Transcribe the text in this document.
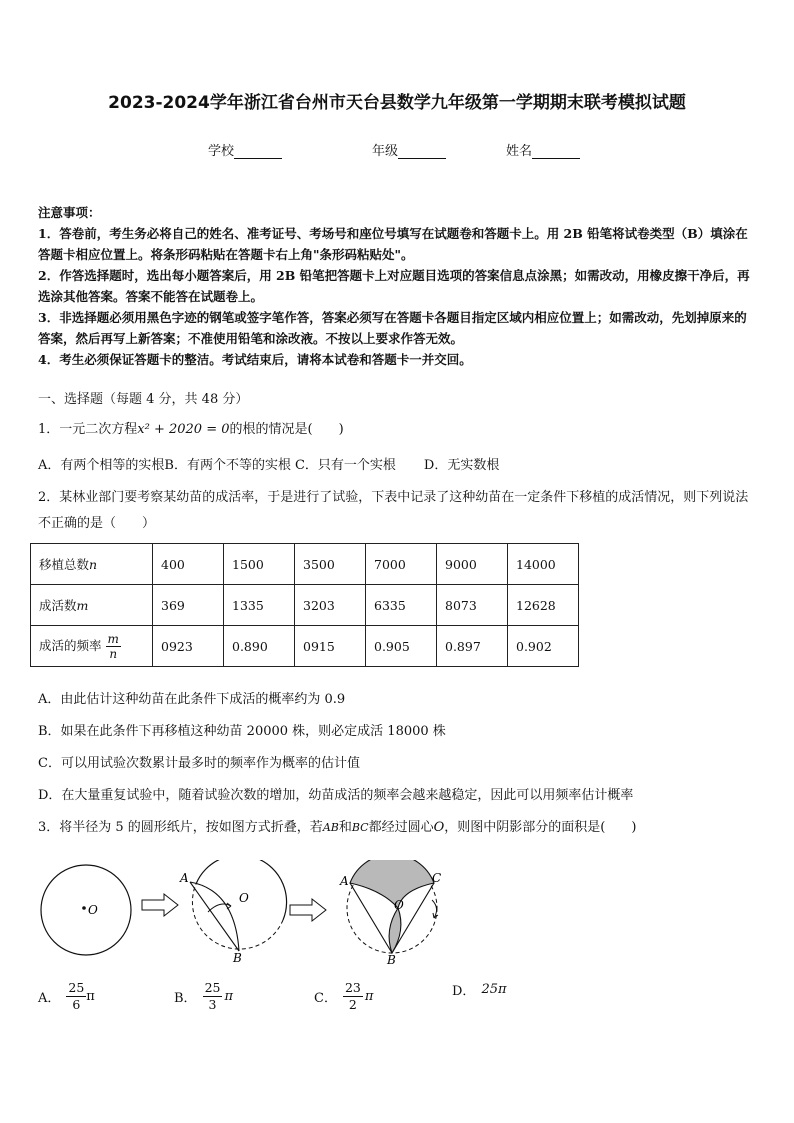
2023-2024学年浙江省台州市天台县数学九年级第一学期期末联考模拟试题
学校	年级	姓名

注意事项：

1．答卷前，考生务必将自己的姓名、准考证号、考场号和座位号填写在试题卷和答题卡上。用 2B 铅笔将试卷类型（B）填涂在答题卡相应位置上。将条形码粘贴在答题卡右上角"条形码粘贴处"。

2．作答选择题时，选出每小题答案后，用 2B 铅笔把答题卡上对应题目选项的答案信息点涂黑；如需改动，用橡皮擦干净后，再选涂其他答案。答案不能答在试题卷上。

3．非选择题必须用黑色字迹的钢笔或签字笔作答，答案必须写在答题卡各题目指定区域内相应位置上；如需改动，先划掉原来的答案，然后再写上新答案；不准使用铅笔和涂改液。不按以上要求作答无效。

4．考生必须保证答题卡的整洁。考试结束后，请将本试卷和答题卡一并交回。

一、选择题（每题 4 分，共 48 分）
1．一元二次方程x² + 2020 = 0的根的情况是(　　)
A．有两个相等的实根B．有两个不等的实根 C．只有一个实根 D．无实数根
2．某林业部门要考察某幼苗的成活率，于是进行了试验，下表中记录了这种幼苗在一定条件下移植的成活情况，则下列说法不正确的是（　　）
移植总数n	400	1500	3500	7000	9000	14000
成活数m	369	1335	3203	6335	8073	12628
成活的频率 $\frac{m}{n}$	0923	0.890	0915	0.905	0.897	0.902
A．由此估计这种幼苗在此条件下成活的概率约为 0.9
B．如果在此条件下再移植这种幼苗 20000 株，则必定成活 18000 株
C．可以用试验次数累计最多时的频率作为概率的估计值
D．在大量重复试验中，随着试验次数的增加，幼苗成活的频率会越来越稳定，因此可以用频率估计概率
3．将半径为 5 的圆形纸片，按如图方式折叠，若AB和BC都经过圆心O，则图中阴影部分的面积是(　　)
O
A
O
B
A	C
O
B
A． $\frac{25}{6}$ π	B． $\frac{25}{3}$ π	C． $\frac{23}{2}$ π	D． 25π
